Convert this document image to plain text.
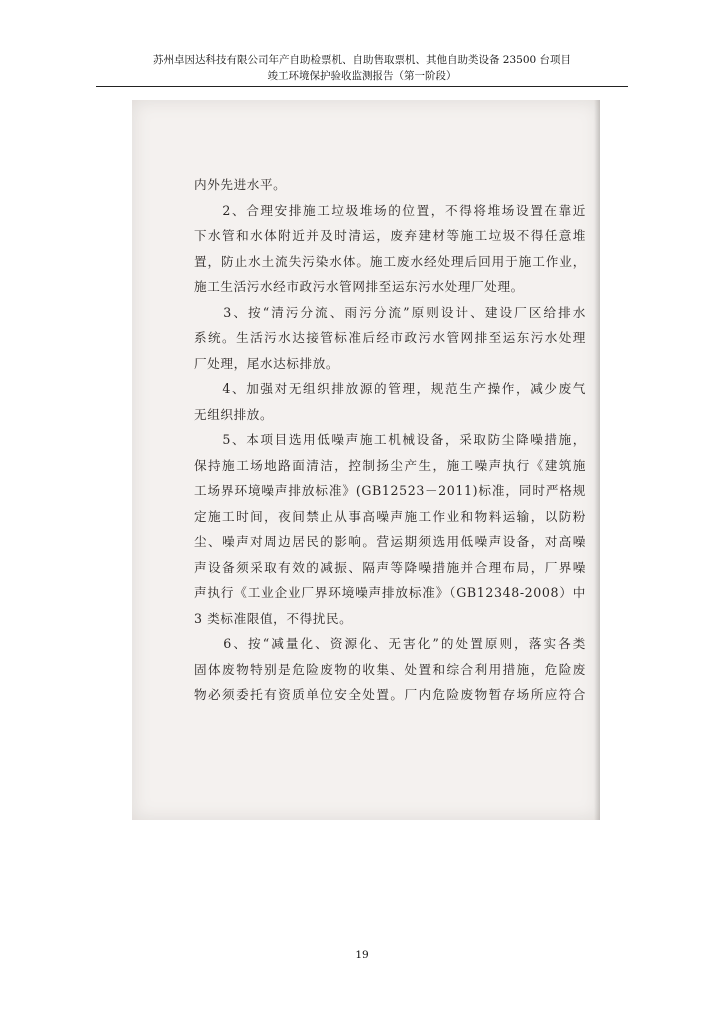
苏州卓因达科技有限公司年产自助检票机、自助售取票机、其他自助类设备 23500 台项目
竣工环境保护验收监测报告（第一阶段）
内外先进水平。
　　2、合理安排施工垃圾堆场的位置，不得将堆场设置在靠近
下水管和水体附近并及时清运，废弃建材等施工垃圾不得任意堆
置，防止水土流失污染水体。施工废水经处理后回用于施工作业，
施工生活污水经市政污水管网排至运东污水处理厂处理。
　　3、按“清污分流、雨污分流”原则设计、建设厂区给排水
系统。生活污水达接管标准后经市政污水管网排至运东污水处理
厂处理，尾水达标排放。
　　4、加强对无组织排放源的管理，规范生产操作，减少废气
无组织排放。
　　5、本项目选用低噪声施工机械设备，采取防尘降噪措施，
保持施工场地路面清洁，控制扬尘产生，施工噪声执行《建筑施
工场界环境噪声排放标准》(GB12523－2011)标准，同时严格规
定施工时间，夜间禁止从事高噪声施工作业和物料运输，以防粉
尘、噪声对周边居民的影响。营运期须选用低噪声设备，对高噪
声设备须采取有效的减振、隔声等降噪措施并合理布局，厂界噪
声执行《工业企业厂界环境噪声排放标准》（GB12348-2008）中
3 类标准限值，不得扰民。
　　6、按“减量化、资源化、无害化”的处置原则，落实各类
固体废物特别是危险废物的收集、处置和综合利用措施，危险废
物必须委托有资质单位安全处置。厂内危险废物暂存场所应符合
19
